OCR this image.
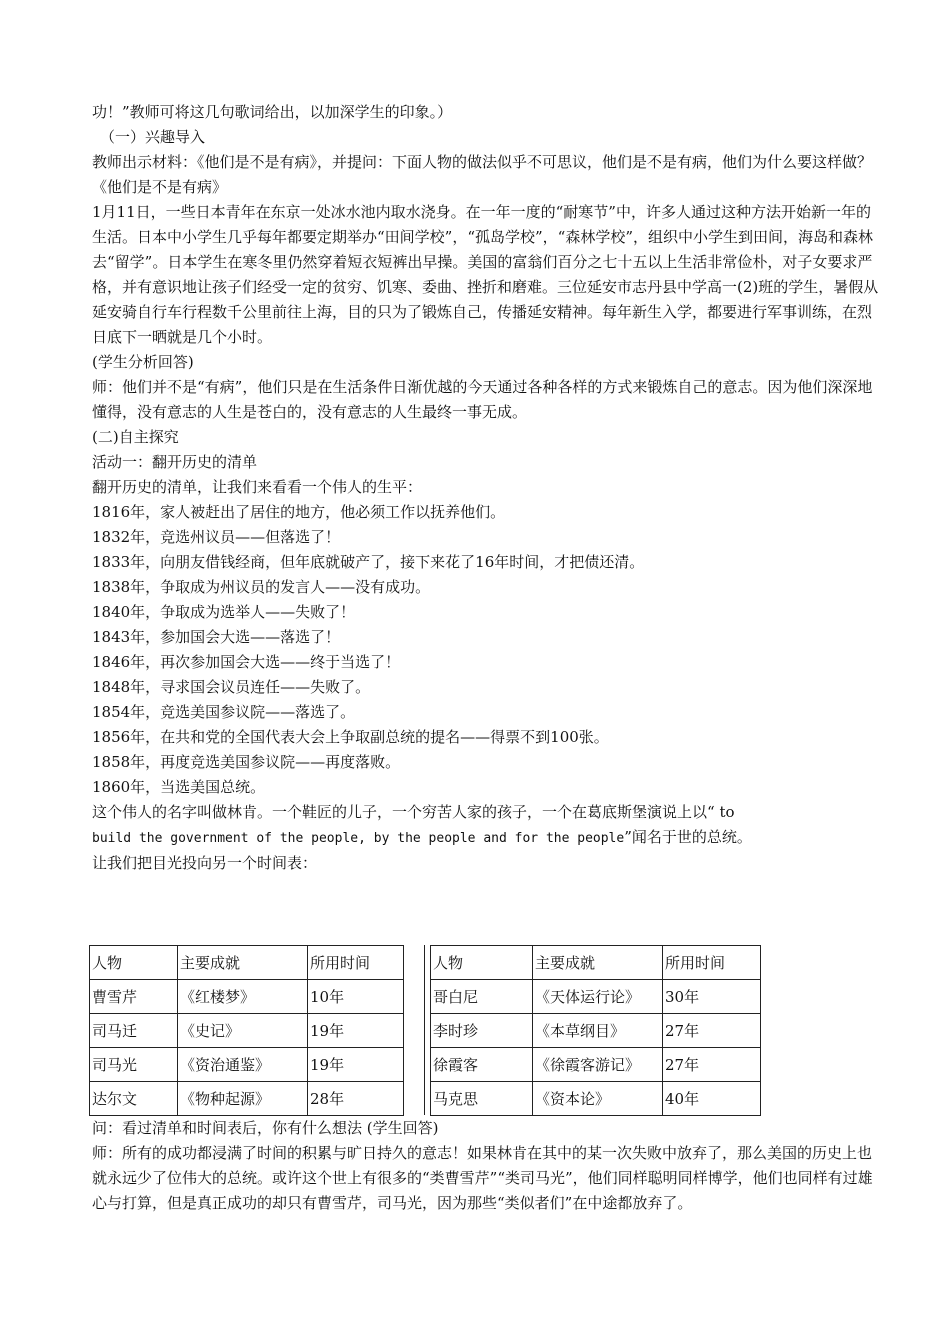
功！”教师可将这几句歌词给出，以加深学生的印象。）
（一）兴趣导入
教师出示材料：《他们是不是有病》，并提问：下面人物的做法似乎不可思议，他们是不是有病，他们为什么要这样做？
《他们是不是有病》
1月11日，一些日本青年在东京一处冰水池内取水浇身。在一年一度的“耐寒节”中，许多人通过这种方法开始新一年的生活。日本中小学生几乎每年都要定期举办“田间学校”，“孤岛学校”，“森林学校”，组织中小学生到田间，海岛和森林去“留学”。日本学生在寒冬里仍然穿着短衣短裤出早操。美国的富翁们百分之七十五以上生活非常俭朴，对子女要求严格，并有意识地让孩子们经受一定的贫穷、饥寒、委曲、挫折和磨难。三位延安市志丹县中学高一(2)班的学生，暑假从延安骑自行车行程数千公里前往上海，目的只为了锻炼自己，传播延安精神。每年新生入学，都要进行军事训练，在烈日底下一晒就是几个小时。
(学生分析回答)
师：他们并不是“有病”，他们只是在生活条件日渐优越的今天通过各种各样的方式来锻炼自己的意志。因为他们深深地懂得，没有意志的人生是苍白的，没有意志的人生最终一事无成。
(二)自主探究
活动一：翻开历史的清单
翻开历史的清单，让我们来看看一个伟人的生平：
1816年，家人被赶出了居住的地方，他必须工作以抚养他们。
1832年，竞选州议员——但落选了！
1833年，向朋友借钱经商，但年底就破产了，接下来花了16年时间，才把债还清。
1838年，争取成为州议员的发言人——没有成功。
1840年，争取成为选举人——失败了！
1843年，参加国会大选——落选了！
1846年，再次参加国会大选——终于当选了！
1848年，寻求国会议员连任——失败了。
1854年，竞选美国参议院——落选了。
1856年，在共和党的全国代表大会上争取副总统的提名——得票不到100张。
1858年，再度竞选美国参议院——再度落败。
1860年，当选美国总统。
这个伟人的名字叫做林肯。一个鞋匠的儿子，一个穷苦人家的孩子，一个在葛底斯堡演说上以“ to
build the government of the people, by the people and for the people”闻名于世的总统。
让我们把目光投向另一个时间表：
人物	主要成就	所用时间
曹雪芹	《红楼梦》	10年
司马迁	《史记》	19年
司马光	《资治通鉴》	19年
达尔文	《物种起源》	28年
人物	主要成就	所用时间
哥白尼	《天体运行论》	30年
李时珍	《本草纲目》	27年
徐霞客	《徐霞客游记》	27年
马克思	《资本论》	40年
问：看过清单和时间表后，你有什么想法 (学生回答)
师：所有的成功都浸满了时间的积累与旷日持久的意志！如果林肯在其中的某一次失败中放弃了，那么美国的历史上也就永远少了位伟大的总统。或许这个世上有很多的“类曹雪芹”“类司马光”，他们同样聪明同样博学，他们也同样有过雄心与打算，但是真正成功的却只有曹雪芹，司马光，因为那些“类似者们”在中途都放弃了。
